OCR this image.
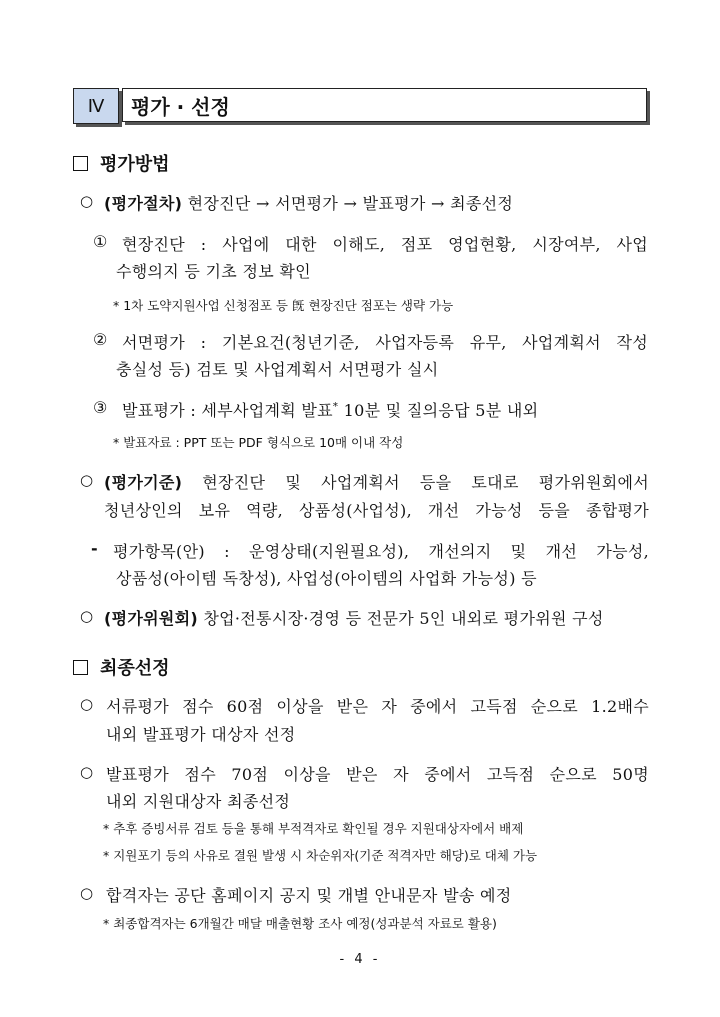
Ⅳ 평가 · 선정
평가방법
○ (평가절차) 현장진단 → 서면평가 → 발표평가 → 최종선정
① 현장진단 : 사업에 대한 이해도, 점포 영업현황, 시장여부, 사업
수행의지 등 기초 정보 확인
* 1차 도약지원사업 신청점포 등 旣 현장진단 점포는 생략 가능
② 서면평가 : 기본요건(청년기준, 사업자등록 유무, 사업계획서 작성
충실성 등) 검토 및 사업계획서 서면평가 실시
③ 발표평가 : 세부사업계획 발표* 10분 및 질의응답 5분 내외
* 발표자료 : PPT 또는 PDF 형식으로 10매 이내 작성
○ (평가기준) 현장진단 및 사업계획서 등을 토대로 평가위원회에서
청년상인의 보유 역량, 상품성(사업성), 개선 가능성 등을 종합평가
- 평가항목(안) : 운영상태(지원필요성), 개선의지 및 개선 가능성,
상품성(아이템 독창성), 사업성(아이템의 사업화 가능성) 등
○ (평가위원회) 창업·전통시장·경영 등 전문가 5인 내외로 평가위원 구성
최종선정
○ 서류평가 점수 60점 이상을 받은 자 중에서 고득점 순으로 1.2배수
내외 발표평가 대상자 선정
○ 발표평가 점수 70점 이상을 받은 자 중에서 고득점 순으로 50명
내외 지원대상자 최종선정
* 추후 증빙서류 검토 등을 통해 부적격자로 확인될 경우 지원대상자에서 배제
* 지원포기 등의 사유로 결원 발생 시 차순위자(기준 적격자만 해당)로 대체 가능
○ 합격자는 공단 홈페이지 공지 및 개별 안내문자 발송 예정
* 최종합격자는 6개월간 매달 매출현황 조사 예정(성과분석 자료로 활용)
- 4 -
